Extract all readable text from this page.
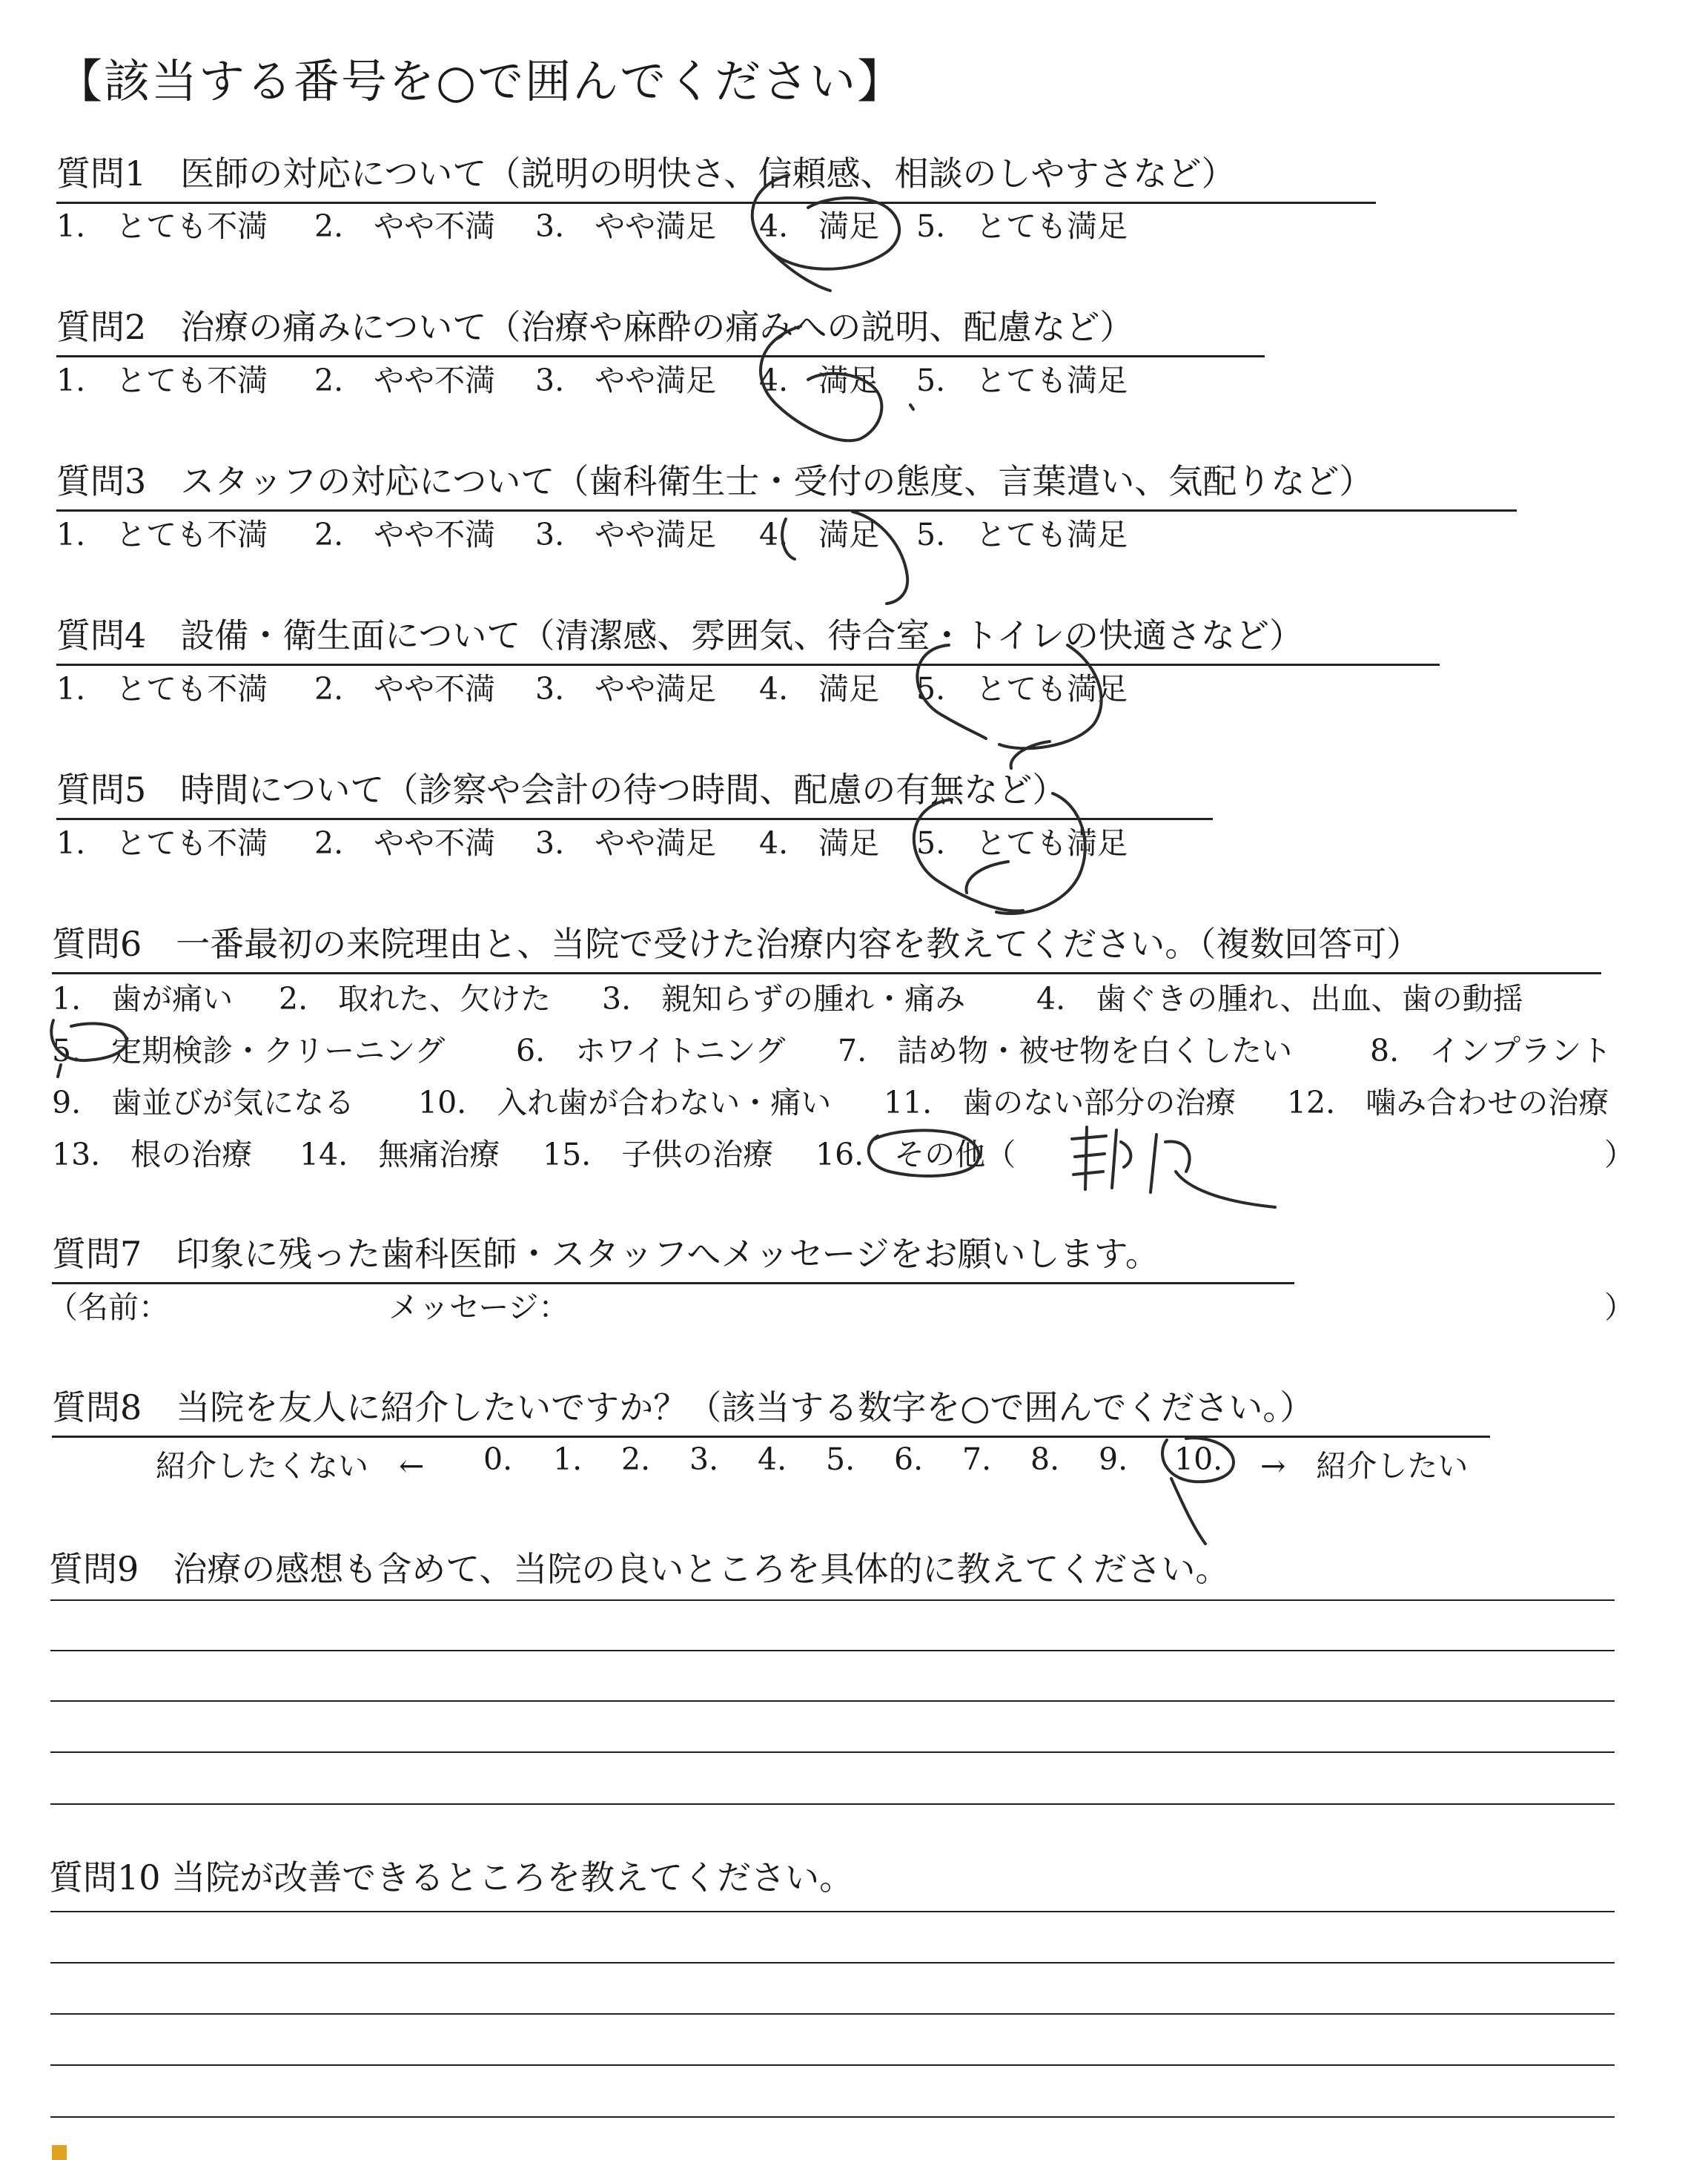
【該当する番号を○で囲んでください】
質問1　医師の対応について（説明の明快さ、信頼感、相談のしやすさなど）
1.　とても不満 2.　やや不満 3.　やや満足 4.　満足 5.　とても満足
質問2　治療の痛みについて（治療や麻酔の痛みへの説明、配慮など）
1.　とても不満 2.　やや不満 3.　やや満足 4.　満足 5.　とても満足
質問3　スタッフの対応について（歯科衛生士・受付の態度、言葉遣い、気配りなど）
1.　とても不満 2.　やや不満 3.　やや満足 4.　満足 5.　とても満足
質問4　設備・衛生面について（清潔感、雰囲気、待合室・トイレの快適さなど）
1.　とても不満 2.　やや不満 3.　やや満足 4.　満足 5.　とても満足
質問5　時間について（診察や会計の待つ時間、配慮の有無など）
1.　とても不満 2.　やや不満 3.　やや満足 4.　満足 5.　とても満足
質問6　一番最初の来院理由と、当院で受けた治療内容を教えてください。（複数回答可）
1.　歯が痛い 2.　取れた、欠けた 3.　親知らずの腫れ・痛み 4.　歯ぐきの腫れ、出血、歯の動揺
5.　定期検診・クリーニング 6.　ホワイトニング 7.　詰め物・被せ物を白くしたい	8.　インプラント
9.　歯並びが気になる 10.　入れ歯が合わない・痛い 11.　歯のない部分の治療 12.　噛み合わせの治療
13.　根の治療 14.　無痛治療 15.　子供の治療 16.　その他（	）
質問7　印象に残った歯科医師・スタッフへメッセージをお願いします。
（名前：	メッセージ：	）
質問8　当院を友人に紹介したいですか？（該当する数字を○で囲んでください。）
紹介したくない　← 0. 1. 2. 3. 4. 5. 6. 7. 8. 9. 10. →　紹介したい
質問9　治療の感想も含めて、当院の良いところを具体的に教えてください。
質問10 当院が改善できるところを教えてください。
